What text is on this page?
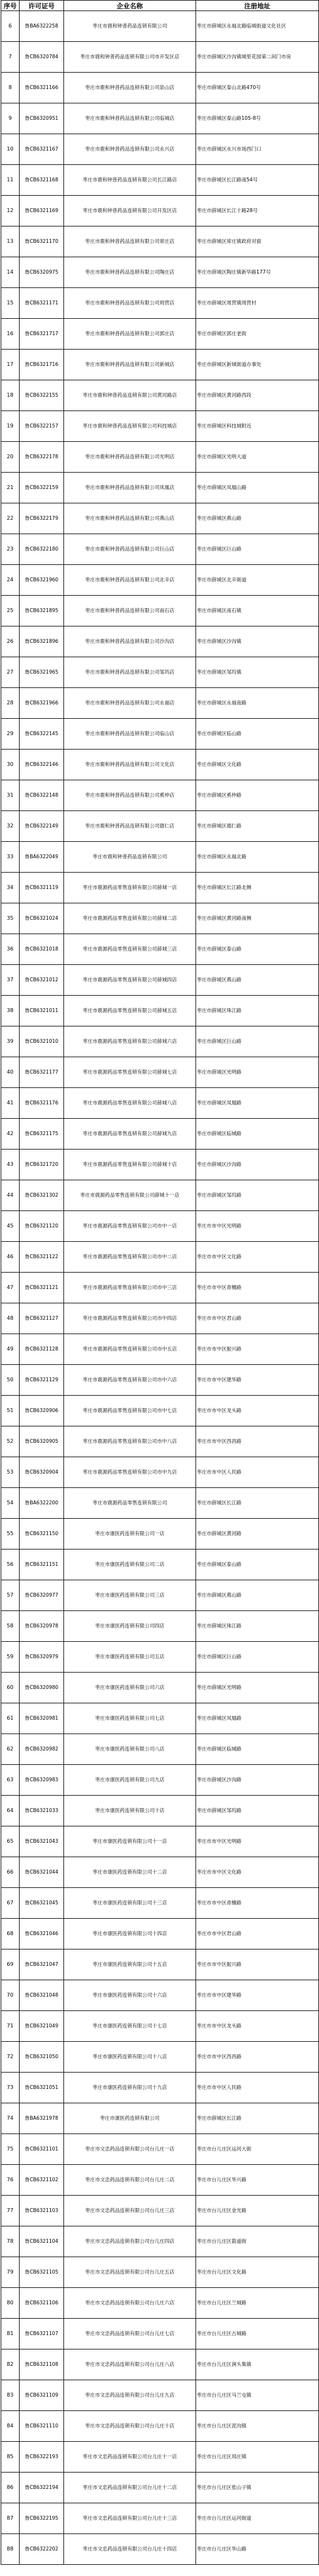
序号	许可证号	企业名称	注册地址
6	鲁BA6322258	枣庄市鹿和钟普药品连锁有限公司	枣庄市薛城区永福北路临城街道文化社区
7	鲁CB6320784	枣庄市鹿和钟普药品连锁有限公司市开发区店	枣庄市薛城区沙沟镇城里花园第二间门市房
8	鲁CB6321166	枣庄市鹿和钟普药品连锁有限公司泉山店	枣庄市薛城区泰山北路470号
9	鲁CB6320951	枣庄市鹿和钟普药品连锁有限公司临城店	枣庄市薛城区泰山路105-8号
10	鲁CB6321167	枣庄市鹿和钟普药品连锁有限公司永兴店	枣庄市薛城区永兴市场西门口
11	鲁CB6321168	枣庄市鹿和钟普药品连锁有限公司长江路店	枣庄市薛城区长江路南54号
12	鲁CB6321169	枣庄市鹿和钟普药品连锁有限公司开发区店	枣庄市薛城区长江十路28号
13	鲁CB6321170	枣庄市鹿和钟普药品连锁有限公司常庄店	枣庄市薛城区常庄镇政府对面
14	鲁CB6320975	枣庄市鹿和钟普药品连锁有限公司陶庄店	枣庄市薛城区陶庄镇新华路177号
15	鲁CB6321171	枣庄市鹿和钟普药品连锁有限公司周营店	枣庄市薛城区周营镇周营村
16	鲁CB6321717	枣庄市鹿和钟普药品连锁有限公司郭庄店	枣庄市薛城区郭庄老街
17	鲁CB6321716	枣庄市鹿和钟普药品连锁有限公司新城店	枣庄市薛城区新城街道办事处
18	鲁CB6322155	枣庄市鹿和钟普药品连锁有限公司黄河路店	枣庄市薛城区黄河路西段
19	鲁CB6322157	枣庄市鹿和钟普药品连锁有限公司科技城店	枣庄市薛城区科技城附近
20	鲁CB6322178	枣庄市鹿和钟普药品连锁有限公司光明店	枣庄市薛城区光明大道
21	鲁CB6322159	枣庄市鹿和钟普药品连锁有限公司凤凰店	枣庄市薛城区凤凰山路
22	鲁CB6322179	枣庄市鹿和钟普药品连锁有限公司燕山店	枣庄市薛城区燕山路
23	鲁CB6322180	枣庄市鹿和钟普药品连锁有限公司巨山店	枣庄市薛城区巨山路
24	鲁CB6321960	枣庄市鹿和钟普药品连锁有限公司北辛店	枣庄市薛城区北辛街道
25	鲁CB6321895	枣庄市鹿和钟普药品连锁有限公司南石店	枣庄市薛城区南石镇
26	鲁CB6321896	枣庄市鹿和钟普药品连锁有限公司沙沟店	枣庄市薛城区沙沟镇
27	鲁CB6321965	枣庄市鹿和钟普药品连锁有限公司邹坞店	枣庄市薛城区邹坞镇
28	鲁CB6321966	枣庄市鹿和钟普药品连锁有限公司永福店	枣庄市薛城区永福南路
29	鲁CB6322145	枣庄市鹿和钟普药品连锁有限公司临山店	枣庄市薛城区临山路
30	鲁CB6322146	枣庄市鹿和钟普药品连锁有限公司文化店	枣庄市薛城区文化路
31	鲁CB6322148	枣庄市鹿和钟普药品连锁有限公司奚仲店	枣庄市薛城区奚仲路
32	鲁CB6322149	枣庄市鹿和钟普药品连锁有限公司德仁店	枣庄市薛城区德仁路
33	鲁BA6322049	枣庄市鹿和钟普药品连锁有限公司	枣庄市薛城区永福北路
34	鲁CB6321119	枣庄市鹿源药品零售连锁有限公司薛城一店	枣庄市薛城区长江路北侧
35	鲁CB6321024	枣庄市鹿源药品零售连锁有限公司薛城二店	枣庄市薛城区黄河路南侧
36	鲁CB6321018	枣庄市鹿源药品零售连锁有限公司薛城三店	枣庄市薛城区泰山路
37	鲁CB6321012	枣庄市鹿源药品零售连锁有限公司薛城四店	枣庄市薛城区燕山路
38	鲁CB6321011	枣庄市鹿源药品零售连锁有限公司薛城五店	枣庄市薛城区珠江路
39	鲁CB6321010	枣庄市鹿源药品零售连锁有限公司薛城六店	枣庄市薛城区巨山路
40	鲁CB6321177	枣庄市鹿源药品零售连锁有限公司薛城七店	枣庄市薛城区光明路
41	鲁CB6321176	枣庄市鹿源药品零售连锁有限公司薛城八店	枣庄市薛城区凤凰路
42	鲁CB6321175	枣庄市鹿源药品零售连锁有限公司薛城九店	枣庄市薛城区临城路
43	鲁CB6321720	枣庄市鹿源药品零售连锁有限公司薛城十店	枣庄市薛城区沙沟路
44	鲁CB6321302	枣庄市鹿源药品零售连锁有限公司薛城十一店	枣庄市薛城区邹坞路
45	鲁CB6321120	枣庄市鹿源药品零售连锁有限公司市中一店	枣庄市市中区光明路
46	鲁CB6321122	枣庄市鹿源药品零售连锁有限公司市中二店	枣庄市市中区文化路
47	鲁CB6321121	枣庄市鹿源药品零售连锁有限公司市中三店	枣庄市市中区青檀路
48	鲁CB6321127	枣庄市鹿源药品零售连锁有限公司市中四店	枣庄市市中区君山路
49	鲁CB6321128	枣庄市鹿源药品零售连锁有限公司市中五店	枣庄市市中区振兴路
50	鲁CB6321129	枣庄市鹿源药品零售连锁有限公司市中六店	枣庄市市中区建华路
51	鲁CB6320906	枣庄市鹿源药品零售连锁有限公司市中七店	枣庄市市中区龙头路
52	鲁CB6320905	枣庄市鹿源药品零售连锁有限公司市中八店	枣庄市市中区西昌路
53	鲁CB6320904	枣庄市鹿源药品零售连锁有限公司市中九店	枣庄市市中区人民路
54	鲁BA6322200	枣庄市鹿源药品零售连锁有限公司	枣庄市薛城区长江路
55	鲁CB6321150	枣庄市康医药连锁有限公司一店	枣庄市薛城区黄河路
56	鲁CB6321151	枣庄市康医药连锁有限公司二店	枣庄市薛城区泰山路
57	鲁CB6320977	枣庄市康医药连锁有限公司三店	枣庄市薛城区燕山路
58	鲁CB6320978	枣庄市康医药连锁有限公司四店	枣庄市薛城区珠江路
59	鲁CB6320979	枣庄市康医药连锁有限公司五店	枣庄市薛城区巨山路
60	鲁CB6320980	枣庄市康医药连锁有限公司六店	枣庄市薛城区光明路
61	鲁CB6320981	枣庄市康医药连锁有限公司七店	枣庄市薛城区凤凰路
62	鲁CB6320982	枣庄市康医药连锁有限公司八店	枣庄市薛城区临城路
63	鲁CB6320983	枣庄市康医药连锁有限公司九店	枣庄市薛城区沙沟路
64	鲁CB6321033	枣庄市康医药连锁有限公司十店	枣庄市薛城区邹坞路
65	鲁CB6321043	枣庄市康医药连锁有限公司十一店	枣庄市市中区光明路
66	鲁CB6321044	枣庄市康医药连锁有限公司十二店	枣庄市市中区文化路
67	鲁CB6321045	枣庄市康医药连锁有限公司十三店	枣庄市市中区青檀路
68	鲁CB6321046	枣庄市康医药连锁有限公司十四店	枣庄市市中区君山路
69	鲁CB6321047	枣庄市康医药连锁有限公司十五店	枣庄市市中区振兴路
70	鲁CB6321048	枣庄市康医药连锁有限公司十六店	枣庄市市中区建华路
71	鲁CB6321049	枣庄市康医药连锁有限公司十七店	枣庄市市中区龙头路
72	鲁CB6321050	枣庄市康医药连锁有限公司十八店	枣庄市市中区西昌路
73	鲁CB6321051	枣庄市康医药连锁有限公司十九店	枣庄市市中区人民路
74	鲁BA6321978	枣庄市康医药连锁有限公司	枣庄市薛城区长江路
75	鲁CB6321101	枣庄市文忠药品连锁有限公司台儿庄一店	枣庄市台儿庄区运河大街
76	鲁CB6321102	枣庄市文忠药品连锁有限公司台儿庄二店	枣庄市台儿庄区华兴路
77	鲁CB6321103	枣庄市文忠药品连锁有限公司台儿庄三店	枣庄市台儿庄区金光路
78	鲁CB6321104	枣庄市文忠药品连锁有限公司台儿庄四店	枣庄市台儿庄区箭道街
79	鲁CB6321105	枣庄市文忠药品连锁有限公司台儿庄五店	枣庄市台儿庄区文化路
80	鲁CB6321106	枣庄市文忠药品连锁有限公司台儿庄六店	枣庄市台儿庄区兰城路
81	鲁CB6321107	枣庄市文忠药品连锁有限公司台儿庄七店	枣庄市台儿庄区古城路
82	鲁CB6321108	枣庄市文忠药品连锁有限公司台儿庄八店	枣庄市台儿庄区涧头集镇
83	鲁CB6321109	枣庄市文忠药品连锁有限公司台儿庄九店	枣庄市台儿庄区马兰屯镇
84	鲁CB6321110	枣庄市文忠药品连锁有限公司台儿庄十店	枣庄市台儿庄区泥沟镇
85	鲁CB6322193	枣庄市文忠药品连锁有限公司台儿庄十一店	枣庄市台儿庄区邳庄镇
86	鲁CB6322194	枣庄市文忠药品连锁有限公司台儿庄十二店	枣庄市台儿庄区张山子镇
87	鲁CB6322195	枣庄市文忠药品连锁有限公司台儿庄十三店	枣庄市台儿庄区运河街道
88	鲁CB6322202	枣庄市文忠药品连锁有限公司台儿庄十四店	枣庄市台儿庄区华山路
